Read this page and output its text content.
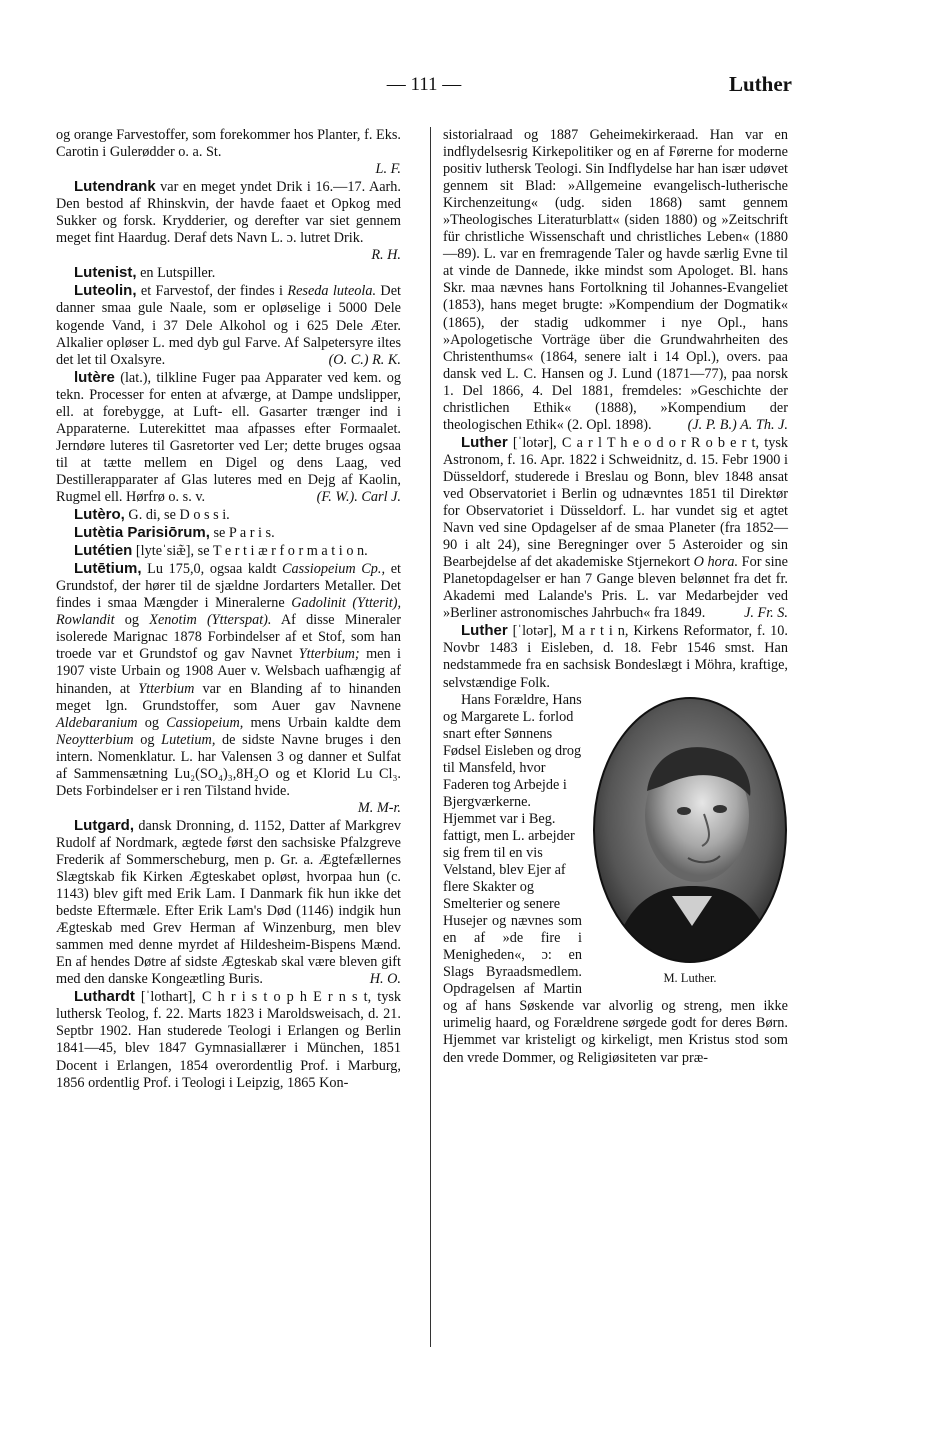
— 111 —	Luther

og orange Farvestoffer, som forekommer hos Planter, f. Eks. Carotin i Gulerødder o. a. St.

L. F.

Lutendrank var en meget yndet Drik i 16.—17. Aarh. Den bestod af Rhinskvin, der havde faaet et Opkog med Sukker og forsk. Krydderier, og derefter var siet gennem meget fint Haardug. Deraf dets Navn L. ɔ. lutret Drik.

R. H.

Lutenist, en Lutspiller.

Luteolin, et Farvestof, der findes i Reseda luteola. Det danner smaa gule Naale, som er opløselige i 5000 Dele kogende Vand, i 37 Dele Alkohol og i 625 Dele Æter. Alkalier opløser L. med dyb gul Farve. Af Salpetersyre iltes det let til Oxalsyre.	(O. C.) R. K.

lutère (lat.), tilkline Fuger paa Apparater ved kem. og tekn. Processer for enten at afværge, at Dampe undslipper, ell. at forebygge, at Luft- ell. Gasarter trænger ind i Apparaterne. Luterekittet maa afpasses efter Formaalet. Jerndøre luteres til Gasretorter ved Ler; dette bruges ogsaa til at tætte mellem en Digel og dens Laag, ved Destillerapparater af Glas luteres med en Dejg af Kaolin, Rugmel ell. Hørfrø o. s. v.	(F. W.). Carl J.

Lutèro, G. di, se D o s s i.

Lutètia Parisiōrum, se P a r i s.

Lutétien [lyteˈsiæ̃], se T e r t i æ r f o r m a t i o n.

Lutētium, Lu 175,0, ogsaa kaldt Cassiopeium Cp., et Grundstof, der hører til de sjældne Jordarters Metaller. Det findes i smaa Mængder i Mineralerne Gadolinit (Ytterit), Rowlandit og Xenotim (Ytterspat). Af disse Mineraler isolerede Marignac 1878 Forbindelser af et Stof, som han troede var et Grundstof og gav Navnet Ytterbium; men i 1907 viste Urbain og 1908 Auer v. Welsbach uafhængig af hinanden, at Ytterbium var en Blanding af to hinanden meget lgn. Grundstoffer, som Auer gav Navnene Aldebaranium og Cassiopeium, mens Urbain kaldte dem Neoytterbium og Lutetium, de sidste Navne bruges i den intern. Nomenklatur. L. har Valensen 3 og danner et Sulfat af Sammensætning Lu₂(SO₄)₃,8H₂O og et Klorid Lu Cl₃. Dets Forbindelser er i ren Tilstand hvide.

M. M-r.

Lutgard, dansk Dronning, d. 1152, Datter af Markgrev Rudolf af Nordmark, ægtede først den sachsiske Pfalzgreve Frederik af Sommerscheburg, men p. Gr. a. Ægtefællernes Slægtskab fik Kirken Ægteskabet opløst, hvorpaa hun (c. 1143) blev gift med Erik Lam. I Danmark fik hun ikke det bedste Eftermæle. Efter Erik Lam's Død (1146) indgik hun Ægteskab med Grev Herman af Winzenburg, men blev sammen med denne myrdet af Hildesheim-Bispens Mænd. En af hendes Døtre af sidste Ægteskab skal være bleven gift med den danske Kongeætling Buris.	H. O.

Luthardt [ˈlothart], C h r i s t o p h E r n s t, tysk luthersk Teolog, f. 22. Marts 1823 i Maroldsweisach, d. 21. Septbr 1902. Han studerede Teologi i Erlangen og Berlin 1841—45, blev 1847 Gymnasiallærer i München, 1851 Docent i Erlangen, 1854 overordentlig Prof. i Marburg, 1856 ordentlig Prof. i Teologi i Leipzig, 1865 Kon-

sistorialraad og 1887 Geheimekirkeraad. Han var en indflydelsesrig Kirkepolitiker og en af Førerne for moderne positiv luthersk Teologi. Sin Indflydelse har han især udøvet gennem sit Blad: »Allgemeine evangelisch-lutherische Kirchenzeitung« (udg. siden 1868) samt gennem »Theologisches Literaturblatt« (siden 1880) og »Zeitschrift für christliche Wissenschaft und christliches Leben« (1880—89). L. var en fremragende Taler og havde særlig Evne til at vinde de Dannede, ikke mindst som Apologet. Bl. hans Skr. maa nævnes hans Fortolkning til Johannes-Evangeliet (1853), hans meget brugte: »Kompendium der Dogmatik« (1865), der stadig udkommer i nye Opl., hans »Apologetische Vorträge über die Grundwahrheiten des Christenthums« (1864, senere ialt i 14 Opl.), overs. paa dansk ved L. C. Hansen og J. Lund (1871—77), paa norsk 1. Del 1866, 4. Del 1881, fremdeles: »Geschichte der christlichen Ethik« (1888), »Kompendium der theologischen Ethik« (2. Opl. 1898).	(J. P. B.) A. Th. J.

Luther [ˈlotər], C a r l T h e o d o r R o b e r t, tysk Astronom, f. 16. Apr. 1822 i Schweidnitz, d. 15. Febr 1900 i Düsseldorf, studerede i Breslau og Bonn, blev 1848 ansat ved Observatoriet i Berlin og udnævntes 1851 til Direktør for Observatoriet i Düsseldorf. L. har vundet sig et agtet Navn ved sine Opdagelser af de smaa Planeter (fra 1852—90 i alt 24), sine Beregninger over 5 Asteroider og sin Bearbejdelse af det akademiske Stjernekort O hora. For sine Planetopdagelser er han 7 Gange bleven belønnet fra det fr. Akademi med Lalande's Pris. L. var Medarbejder ved »Berliner astronomisches Jahrbuch« fra 1849.	J. Fr. S.

Luther [ˈlotər], M a r t i n, Kirkens Reformator, f. 10. Novbr 1483 i Eisleben, d. 18. Febr 1546 smst. Han nedstammede fra en sachsisk Bondeslægt i Möhra, kraftige, selvstændige Folk.

M. Luther.

Hans Forældre, Hans og Margarete L. forlod snart efter Sønnens Fødsel Eisleben og drog til Mansfeld, hvor Faderen tog Arbejde i Bjergværkerne. Hjemmet var i Beg. fattigt, men L. arbejder sig frem til en vis Velstand, blev Ejer af flere Skakter og Smelterier og senere

Husejer og nævnes som en af »de fire i Menigheden«, ɔ: en Slags Byraadsmedlem. Opdragelsen af Martin og af hans Søskende var alvorlig og streng, men ikke urimelig haard, og Forældrene sørgede godt for deres Børn. Hjemmet var kristeligt og kirkeligt, men Kristus stod som den vrede Dommer, og Religiøsiteten var præ-
